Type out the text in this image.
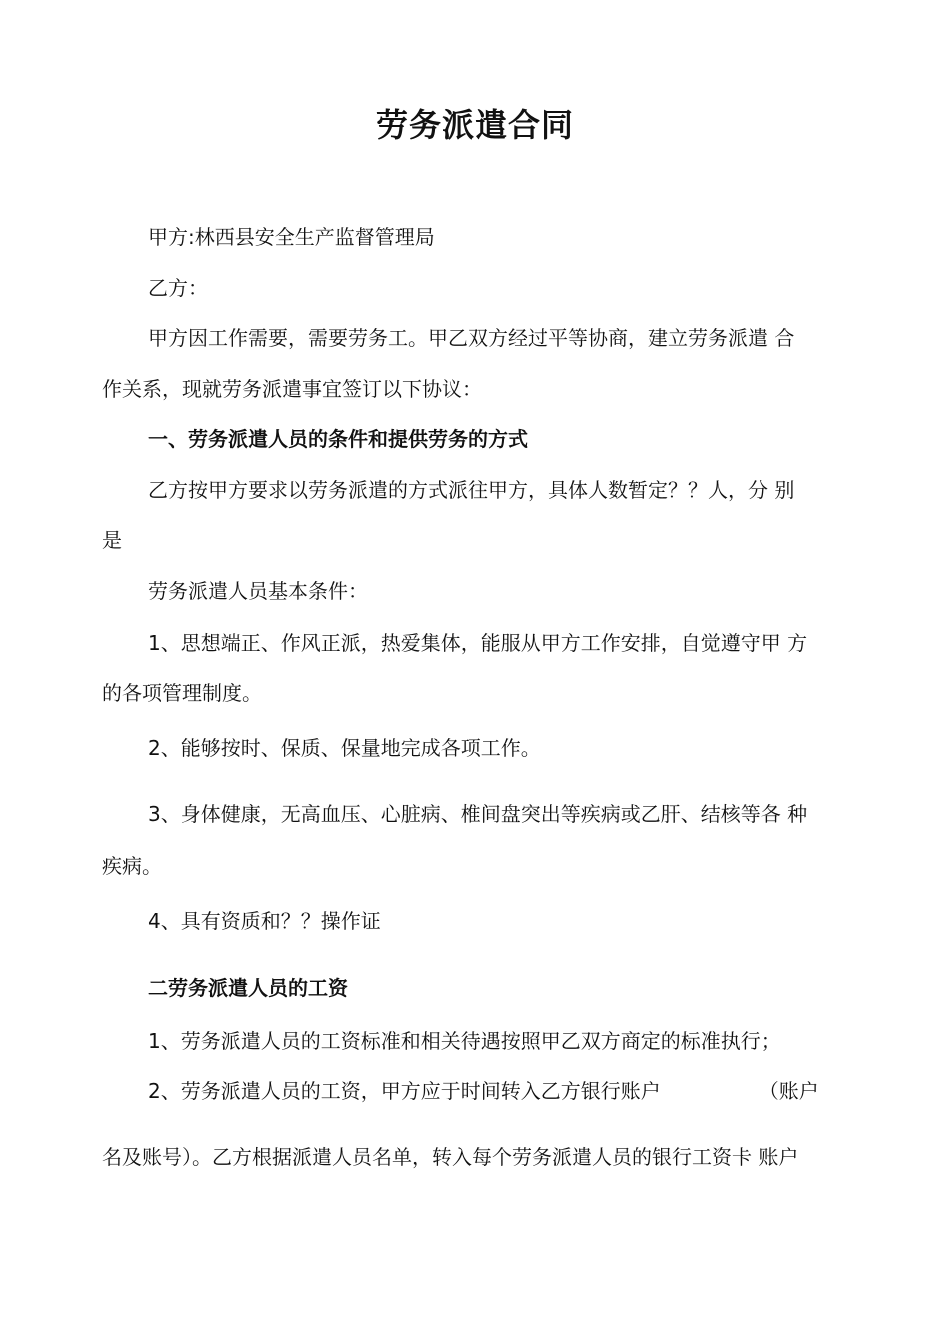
劳务派遣合同
甲方:林西县安全生产监督管理局
乙方：
甲方因工作需要，需要劳务工。甲乙双方经过平等协商，建立劳务派遣 合
作关系，现就劳务派遣事宜签订以下协议：
一、劳务派遣人员的条件和提供劳务的方式
乙方按甲方要求以劳务派遣的方式派往甲方，具体人数暂定？？人，分 别
是
劳务派遣人员基本条件：
1、思想端正、作风正派，热爱集体，能服从甲方工作安排，自觉遵守甲 方
的各项管理制度。
2、能够按时、保质、保量地完成各项工作。
3、身体健康，无高血压、心脏病、椎间盘突出等疾病或乙肝、结核等各 种
疾病。
4、具有资质和？？操作证
二劳务派遣人员的工资
1、劳务派遣人员的工资标准和相关待遇按照甲乙双方商定的标准执行；
2、劳务派遣人员的工资，甲方应于时间转入乙方银行账户	（账户
名及账号）。乙方根据派遣人员名单，转入每个劳务派遣人员的银行工资卡 账户
